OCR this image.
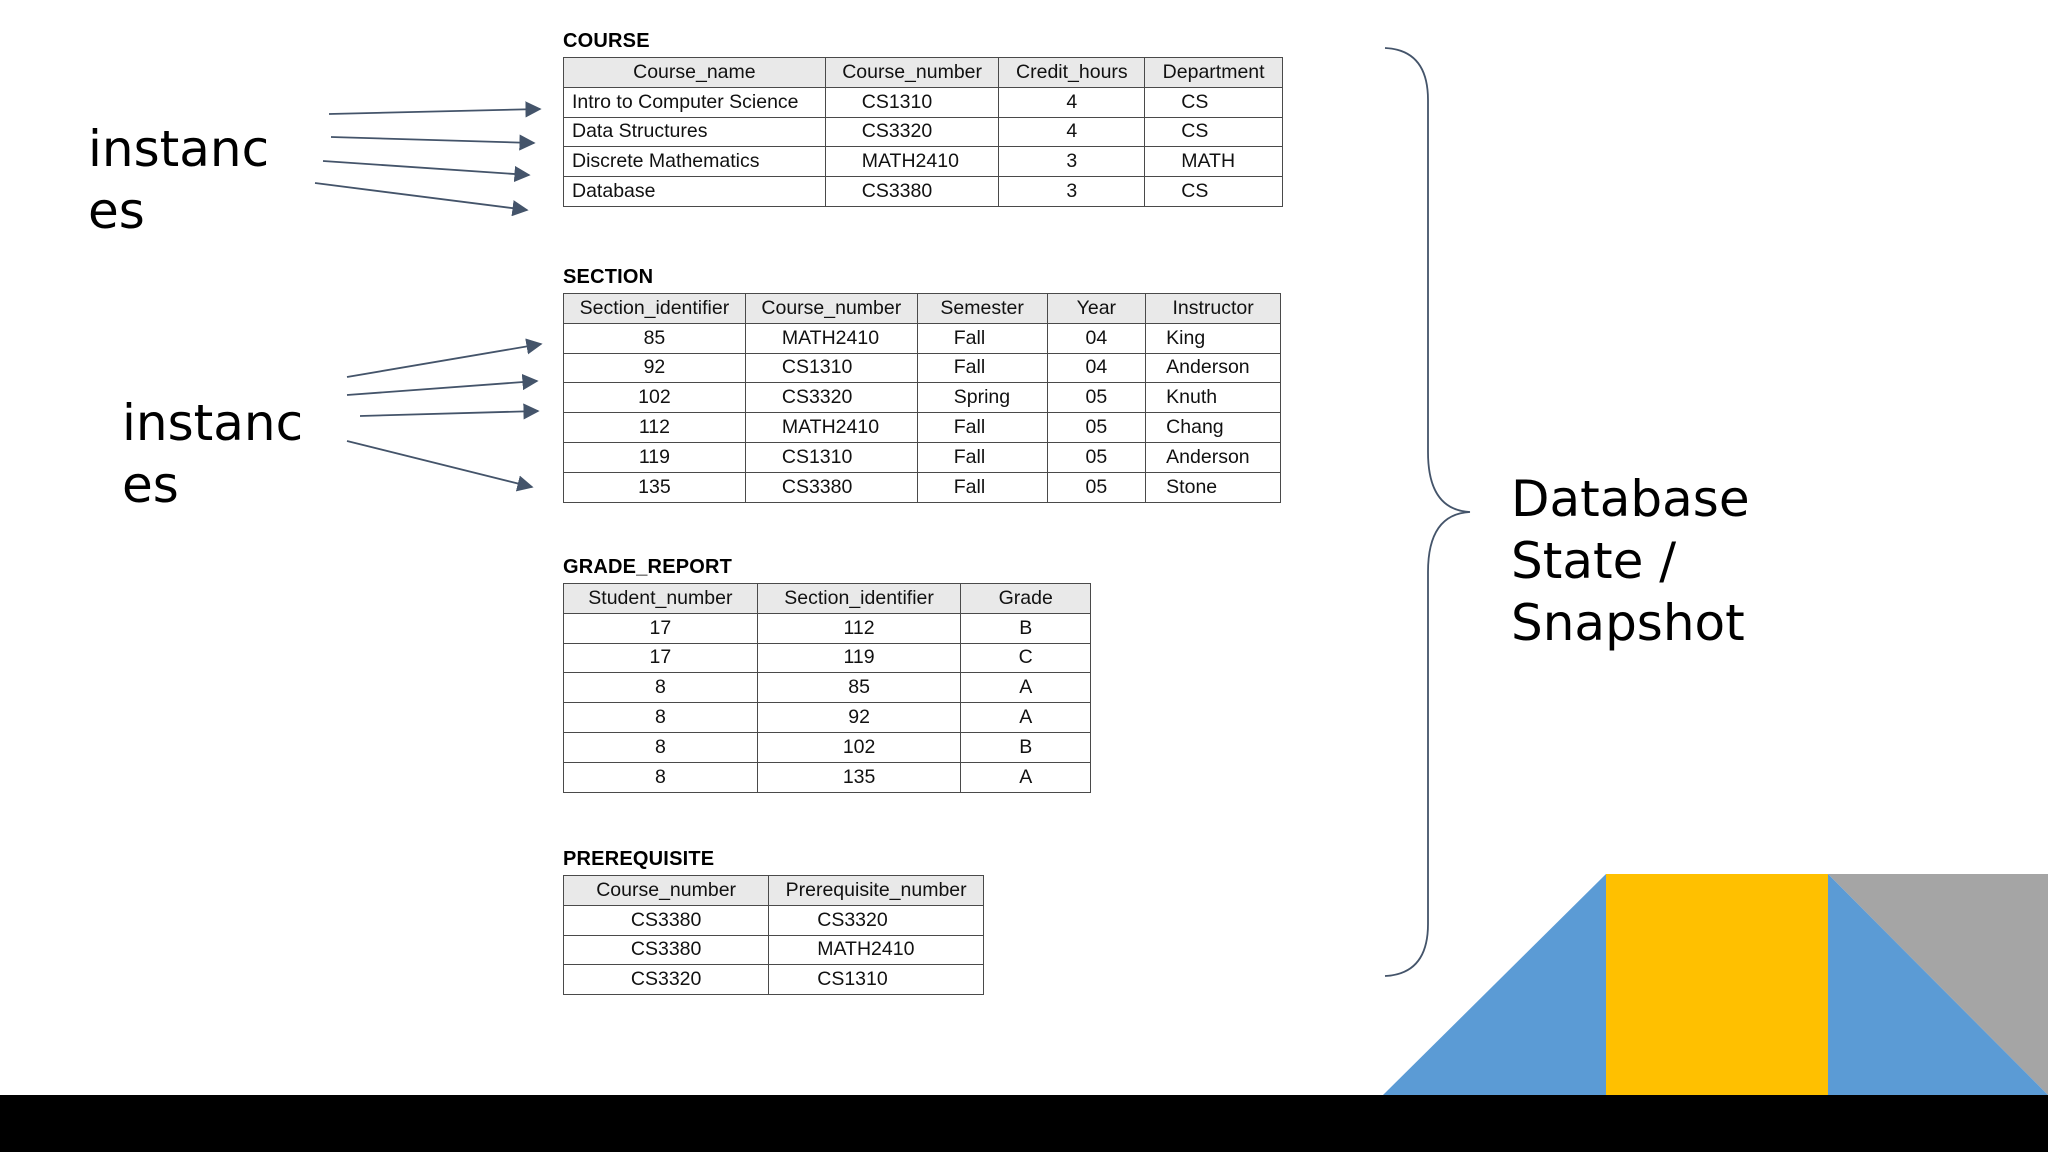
instanc
es
instanc
es	Database
State /
Snapshot
COURSE
Course_name	Course_number	Credit_hours	Department
Intro to Computer Science	CS1310	4	CS
Data Structures	CS3320	4	CS
Discrete Mathematics	MATH2410	3	MATH
Database	CS3380	3	CS
SECTION
Section_identifier	Course_number	Semester	Year	Instructor
85	MATH2410	Fall	04	King
92	CS1310	Fall	04	Anderson
102	CS3320	Spring	05	Knuth
112	MATH2410	Fall	05	Chang
119	CS1310	Fall	05	Anderson
135	CS3380	Fall	05	Stone
GRADE_REPORT
Student_number	Section_identifier	Grade
17	112	B
17	119	C
8	85	A
8	92	A
8	102	B
8	135	A
PREREQUISITE
Course_number	Prerequisite_number
CS3380	CS3320
CS3380	MATH2410
CS3320	CS1310
